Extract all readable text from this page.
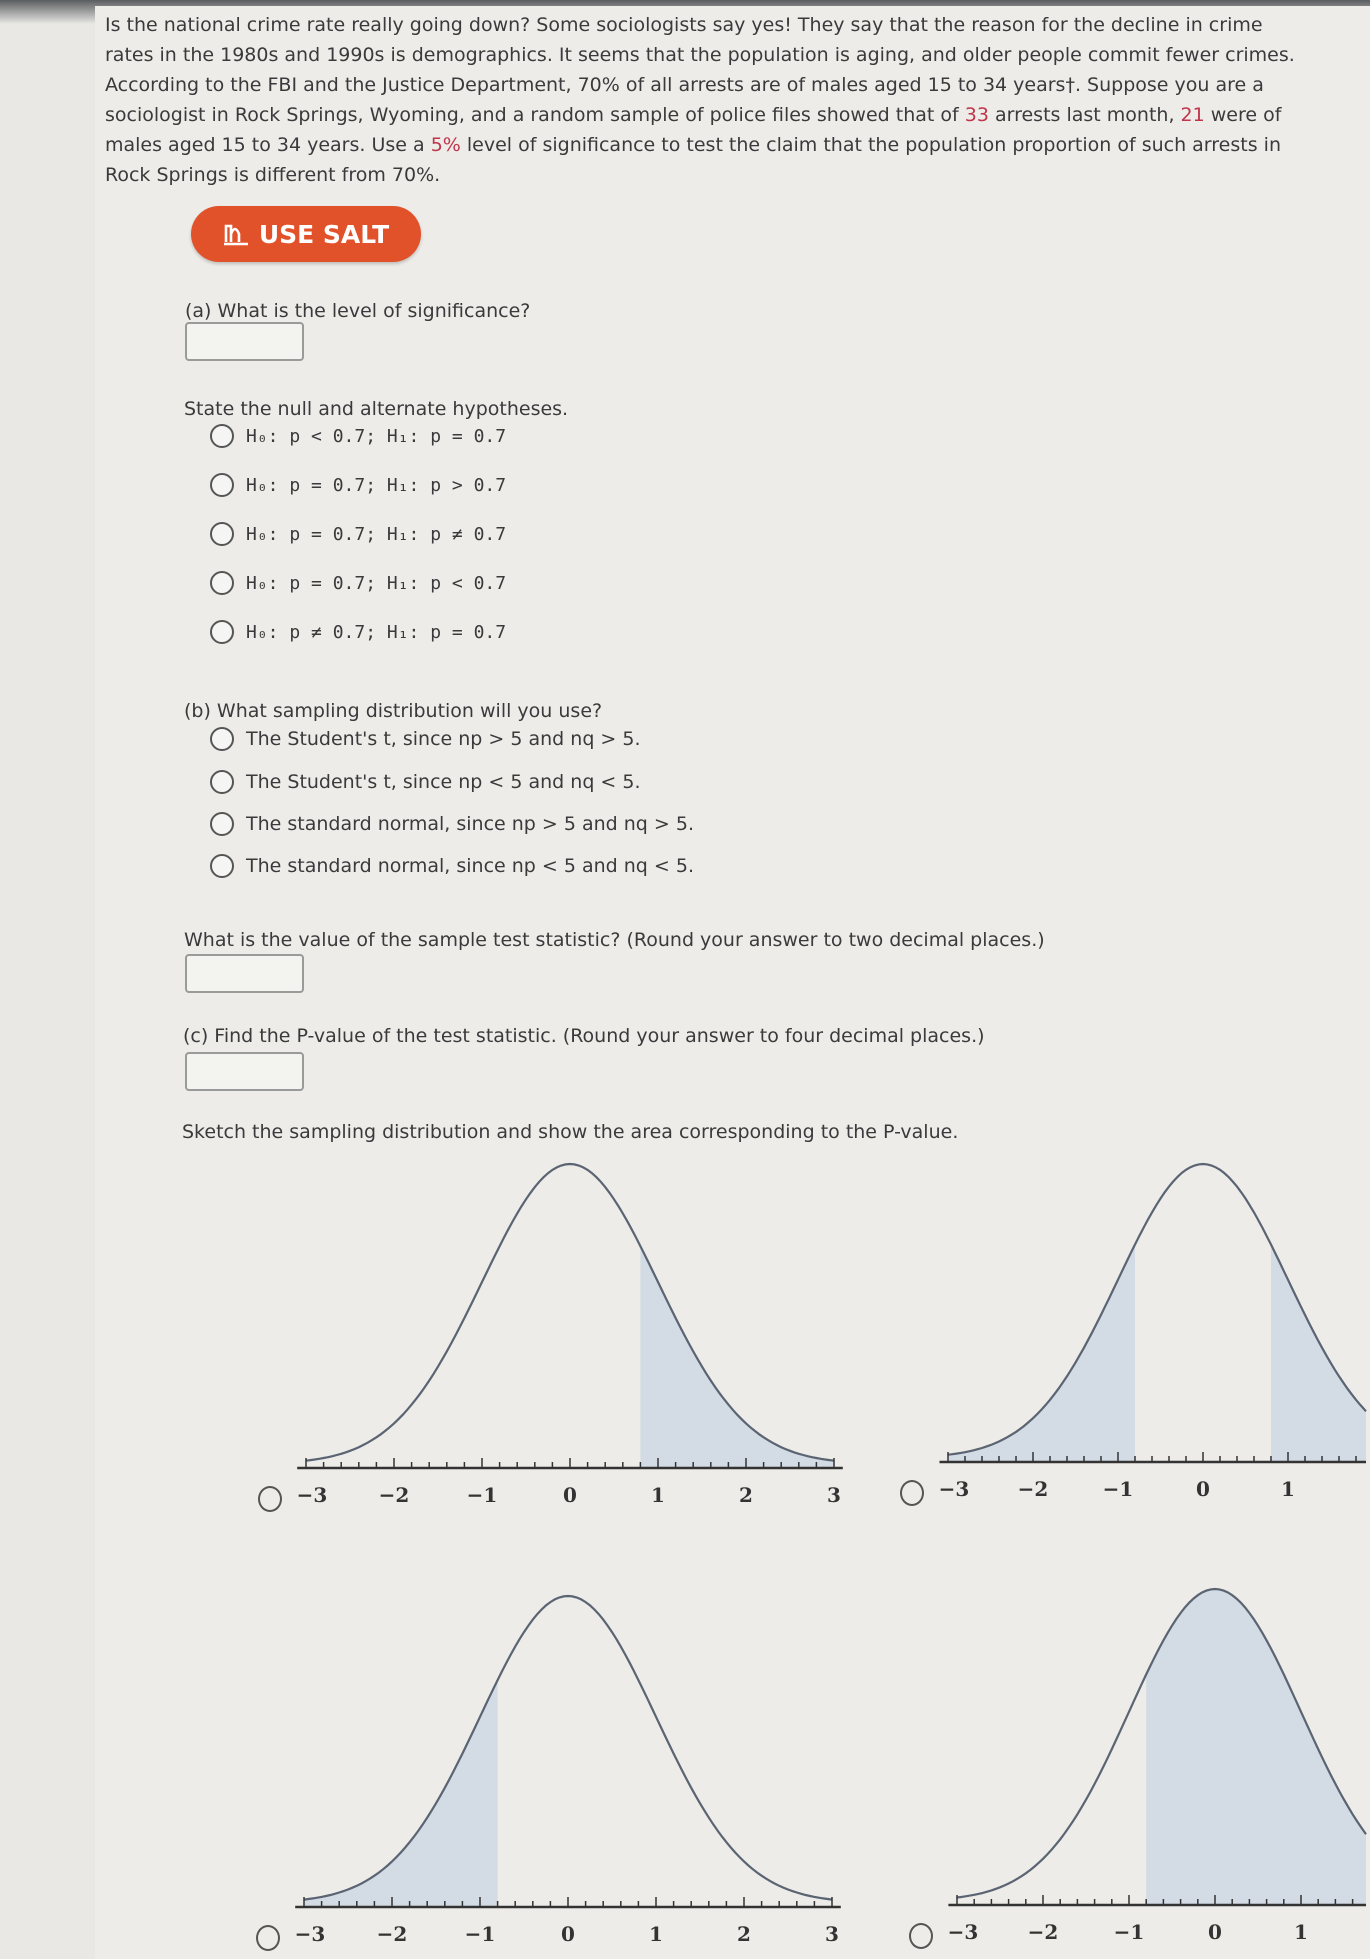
Is the national crime rate really going down? Some sociologists say yes! They say that the reason for the decline in crime rates in the 1980s and 1990s is demographics. It seems that the population is aging, and older people commit fewer crimes. According to the FBI and the Justice Department, 70% of all arrests are of males aged 15 to 34 years†. Suppose you are a sociologist in Rock Springs, Wyoming, and a random sample of police files showed that of 33 arrests last month, 21 were of males aged 15 to 34 years. Use a 5% level of significance to test the claim that the population proportion of such arrests in Rock Springs is different from 70%.
USE SALT
(a) What is the level of significance?
State the null and alternate hypotheses.
H₀: p < 0.7; H₁: p = 0.7
H₀: p = 0.7; H₁: p > 0.7
H₀: p = 0.7; H₁: p ≠ 0.7
H₀: p = 0.7; H₁: p < 0.7
H₀: p ≠ 0.7; H₁: p = 0.7
(b) What sampling distribution will you use?
The Student's t, since np > 5 and nq > 5.
The Student's t, since np < 5 and nq < 5.
The standard normal, since np > 5 and nq > 5.
The standard normal, since np < 5 and nq < 5.
What is the value of the sample test statistic? (Round your answer to two decimal places.)
(c) Find the P-value of the test statistic. (Round your answer to four decimal places.)
Sketch the sampling distribution and show the area corresponding to the P-value.
−3	−2	−1	0	1	2	3	−3 −2	−1	0	1
−3	−2	−1	0	1	2	3	−3 −2	−1	0	1
